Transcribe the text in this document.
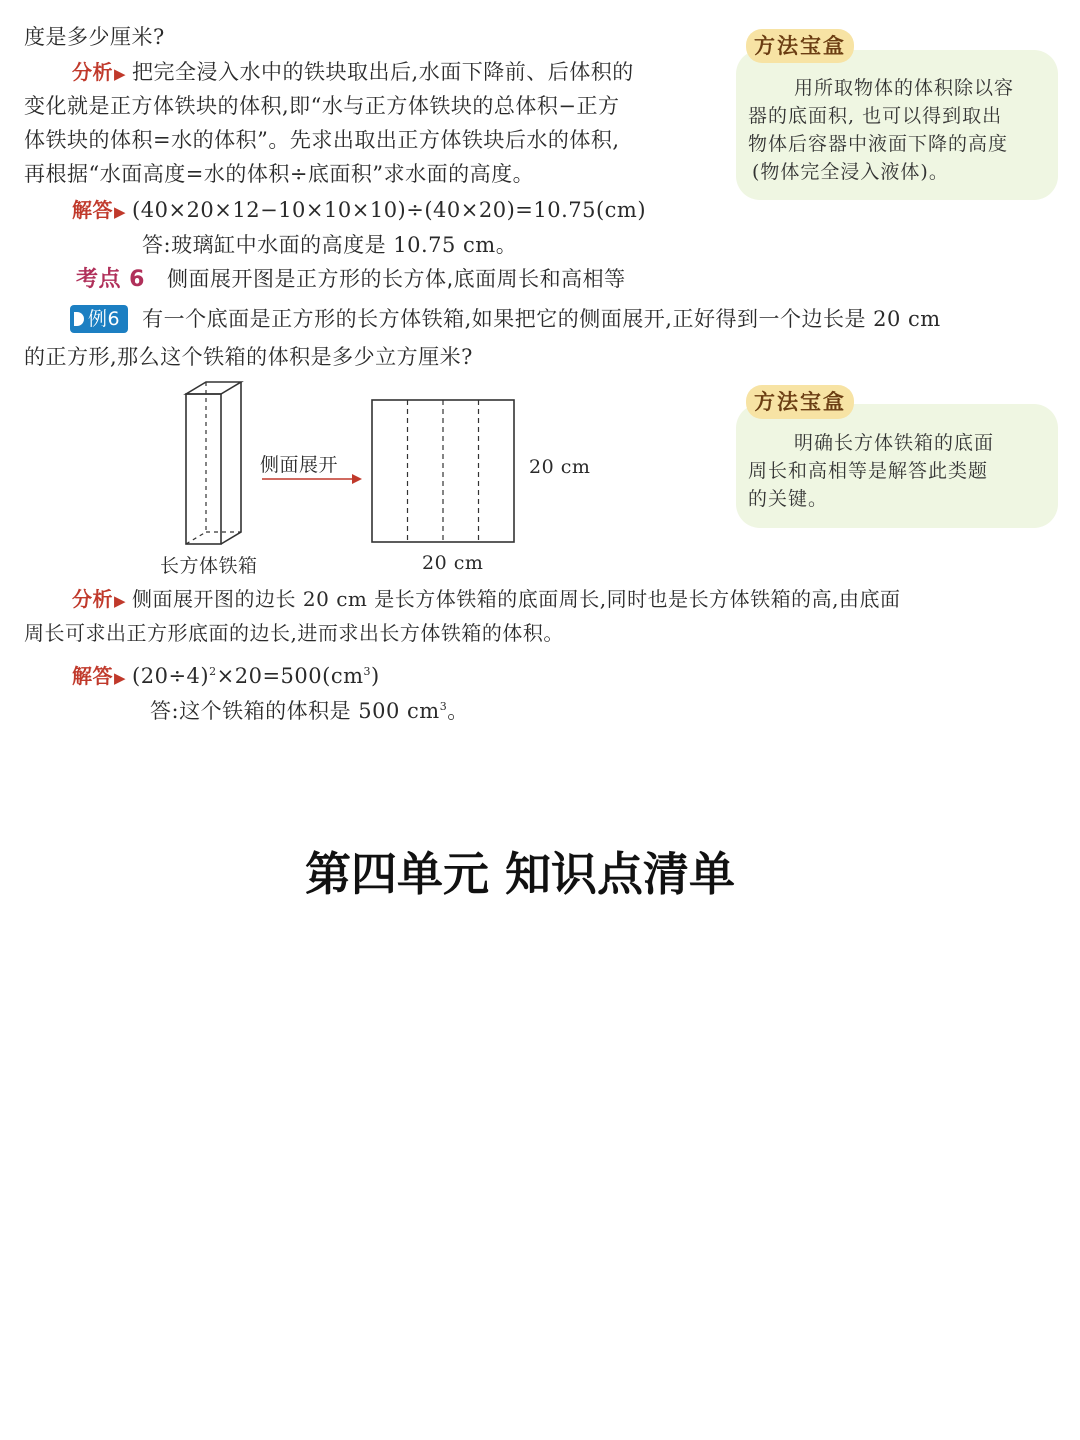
度是多少厘米?
分析▶ 把完全浸入水中的铁块取出后,水面下降前、后体积的
变化就是正方体铁块的体积,即“水与正方体铁块的总体积−正方
体铁块的体积=水的体积”。先求出取出正方体铁块后水的体积,
再根据“水面高度=水的体积÷底面积”求水面的高度。
解答▶ (40×20×12−10×10×10)÷(40×20)=10.75(cm)
答:玻璃缸中水面的高度是 10.75 cm。
方法宝盒
用所取物体的体积除以容
器的底面积, 也可以得到取出
物体后容器中液面下降的高度
(物体完全浸入液体)。
考点 6 侧面展开图是正方形的长方体,底面周长和高相等
例6 有一个底面是正方形的长方体铁箱,如果把它的侧面展开,正好得到一个边长是 20 cm
的正方形,那么这个铁箱的体积是多少立方厘米?
侧面展开	20 cm
20 cm
长方体铁箱
方法宝盒
明确长方体铁箱的底面
周长和高相等是解答此类题
的关键。
分析▶ 侧面展开图的边长 20 cm 是长方体铁箱的底面周长,同时也是长方体铁箱的高,由底面
周长可求出正方形底面的边长,进而求出长方体铁箱的体积。
解答▶ $(20\div 4)^2\times 20=500(cm^3)$
答:这个铁箱的体积是 500 $cm^3$。
第四单元 知识点清单
